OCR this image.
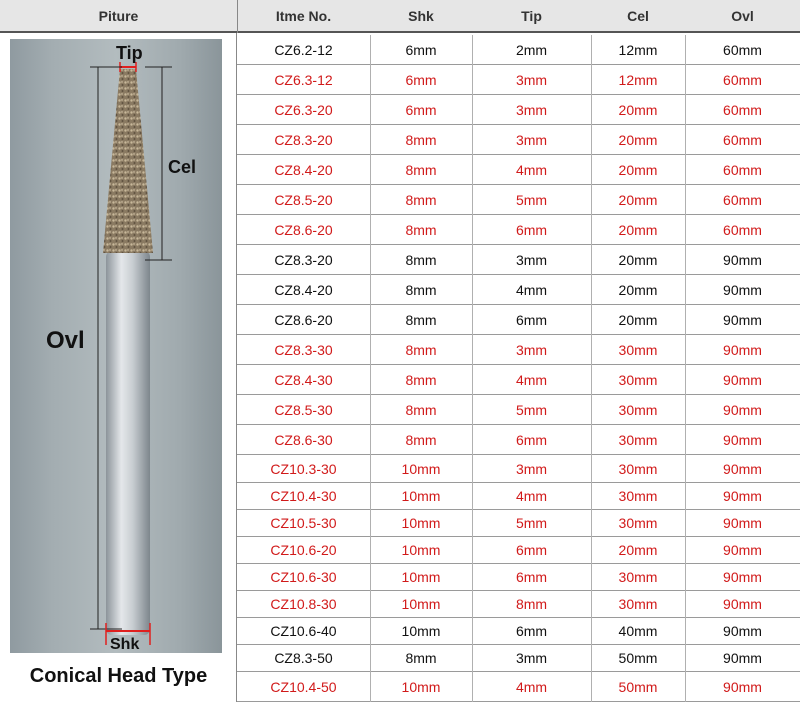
Piture	Itme No.	Shk	Tip	Cel	Ovl
Tip
Cel
Ovl
Shk
Conical Head Type
CZ6.2-12	6mm	2mm	12mm	60mm
CZ6.3-12	6mm	3mm	12mm	60mm
CZ6.3-20	6mm	3mm	20mm	60mm
CZ8.3-20	8mm	3mm	20mm	60mm
CZ8.4-20	8mm	4mm	20mm	60mm
CZ8.5-20	8mm	5mm	20mm	60mm
CZ8.6-20	8mm	6mm	20mm	60mm
CZ8.3-20	8mm	3mm	20mm	90mm
CZ8.4-20	8mm	4mm	20mm	90mm
CZ8.6-20	8mm	6mm	20mm	90mm
CZ8.3-30	8mm	3mm	30mm	90mm
CZ8.4-30	8mm	4mm	30mm	90mm
CZ8.5-30	8mm	5mm	30mm	90mm
CZ8.6-30	8mm	6mm	30mm	90mm
CZ10.3-30	10mm	3mm	30mm	90mm
CZ10.4-30	10mm	4mm	30mm	90mm
CZ10.5-30	10mm	5mm	30mm	90mm
CZ10.6-20	10mm	6mm	20mm	90mm
CZ10.6-30	10mm	6mm	30mm	90mm
CZ10.8-30	10mm	8mm	30mm	90mm
CZ10.6-40	10mm	6mm	40mm	90mm
CZ8.3-50	8mm	3mm	50mm	90mm
CZ10.4-50	10mm	4mm	50mm	90mm
